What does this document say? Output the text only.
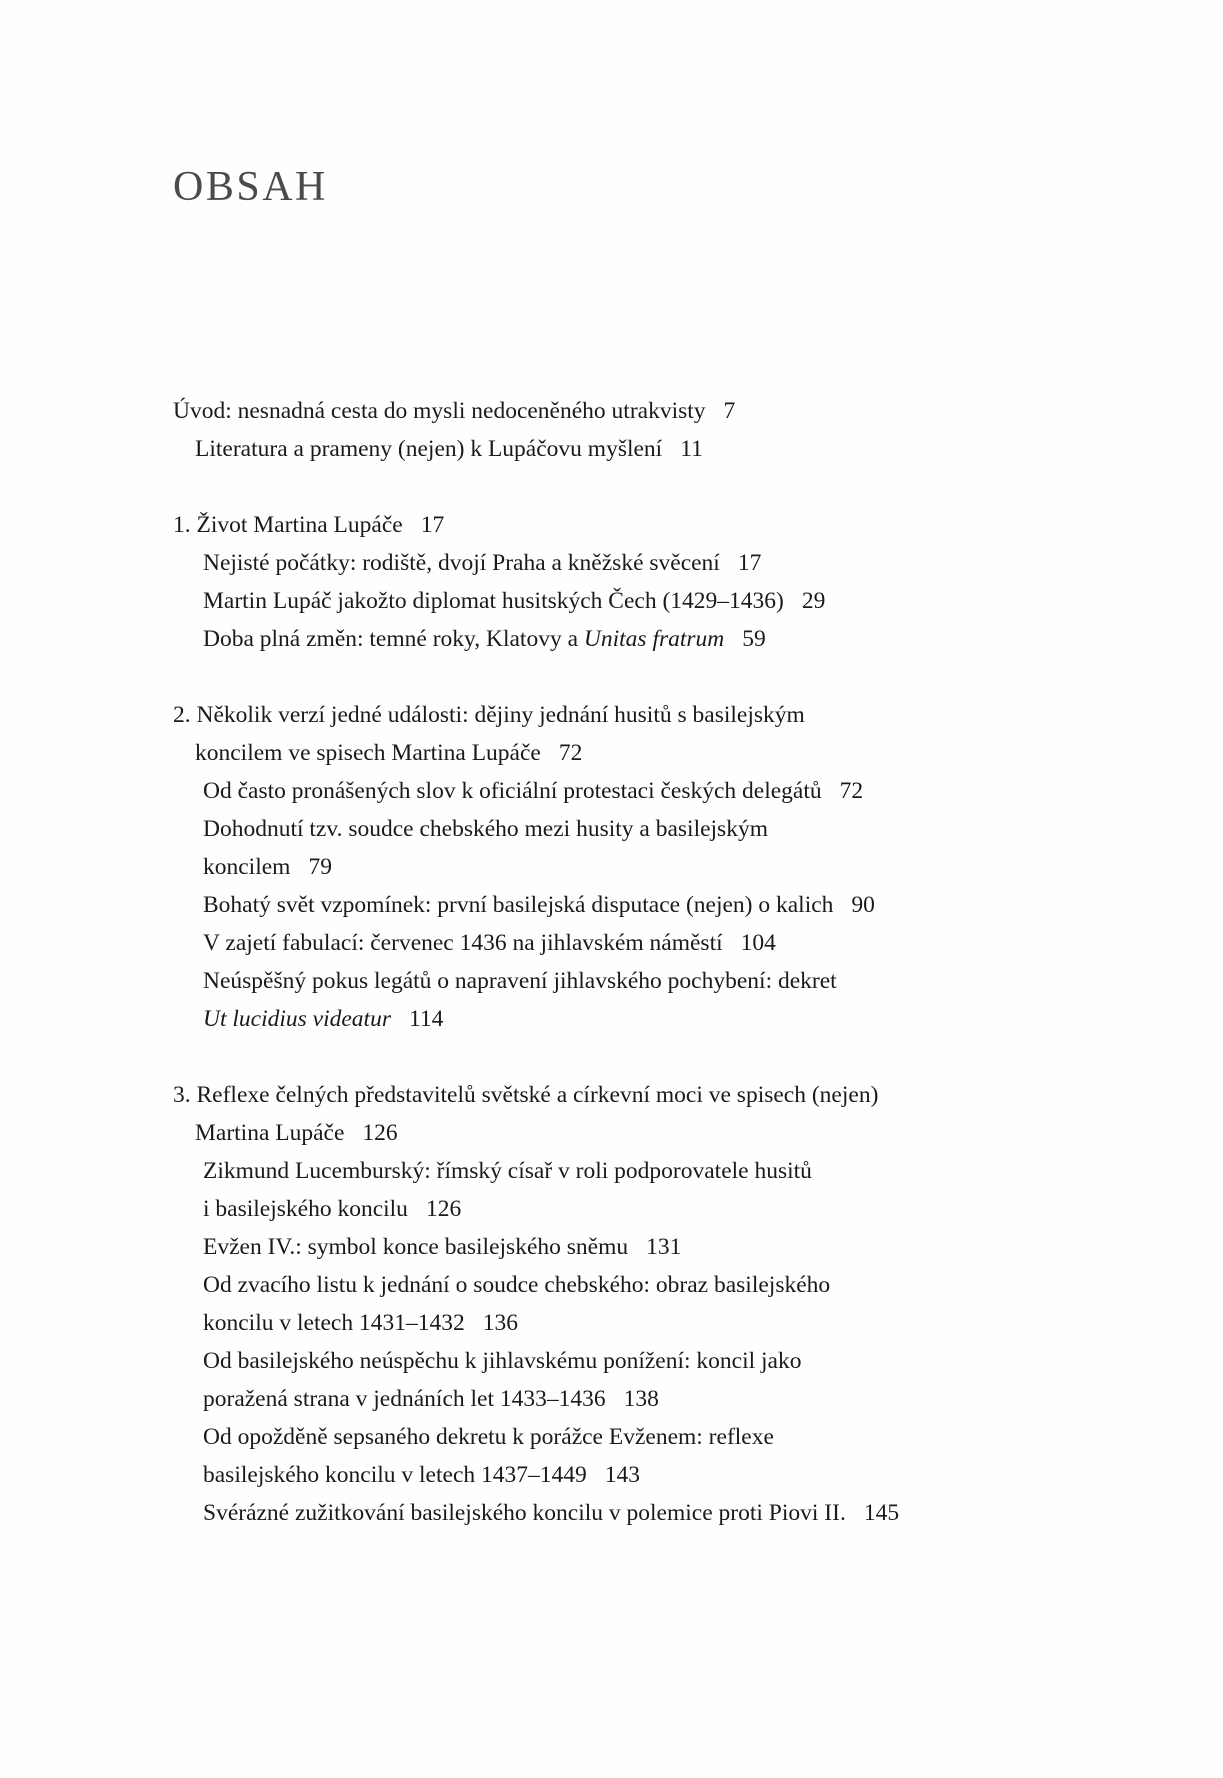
OBSAH
Úvod: nesnadná cesta do mysli nedoceněného utrakvisty 7
Literatura a prameny (nejen) k Lupáčovu myšlení 11
1. Život Martina Lupáče 17
Nejisté počátky: rodiště, dvojí Praha a kněžské svěcení 17
Martin Lupáč jakožto diplomat husitských Čech (1429–1436) 29
Doba plná změn: temné roky, Klatovy a Unitas fratrum 59
2. Několik verzí jedné události: dějiny jednání husitů s basilejským
koncilem ve spisech Martina Lupáče 72
Od často pronášených slov k oficiální protestaci českých delegátů 72
Dohodnutí tzv. soudce chebského mezi husity a basilejským
koncilem 79
Bohatý svět vzpomínek: první basilejská disputace (nejen) o kalich 90
V zajetí fabulací: červenec 1436 na jihlavském náměstí 104
Neúspěšný pokus legátů o napravení jihlavského pochybení: dekret
Ut lucidius videatur 114
3. Reflexe čelných představitelů světské a církevní moci ve spisech (nejen)
Martina Lupáče 126
Zikmund Lucemburský: římský císař v roli podporovatele husitů
i basilejského koncilu 126
Evžen IV.: symbol konce basilejského sněmu 131
Od zvacího listu k jednání o soudce chebského: obraz basilejského
koncilu v letech 1431–1432 136
Od basilejského neúspěchu k jihlavskému ponížení: koncil jako
poražená strana v jednáních let 1433–1436 138
Od opožděně sepsaného dekretu k porážce Evženem: reflexe
basilejského koncilu v letech 1437–1449 143
Svérázné zužitkování basilejského koncilu v polemice proti Piovi II. 145
